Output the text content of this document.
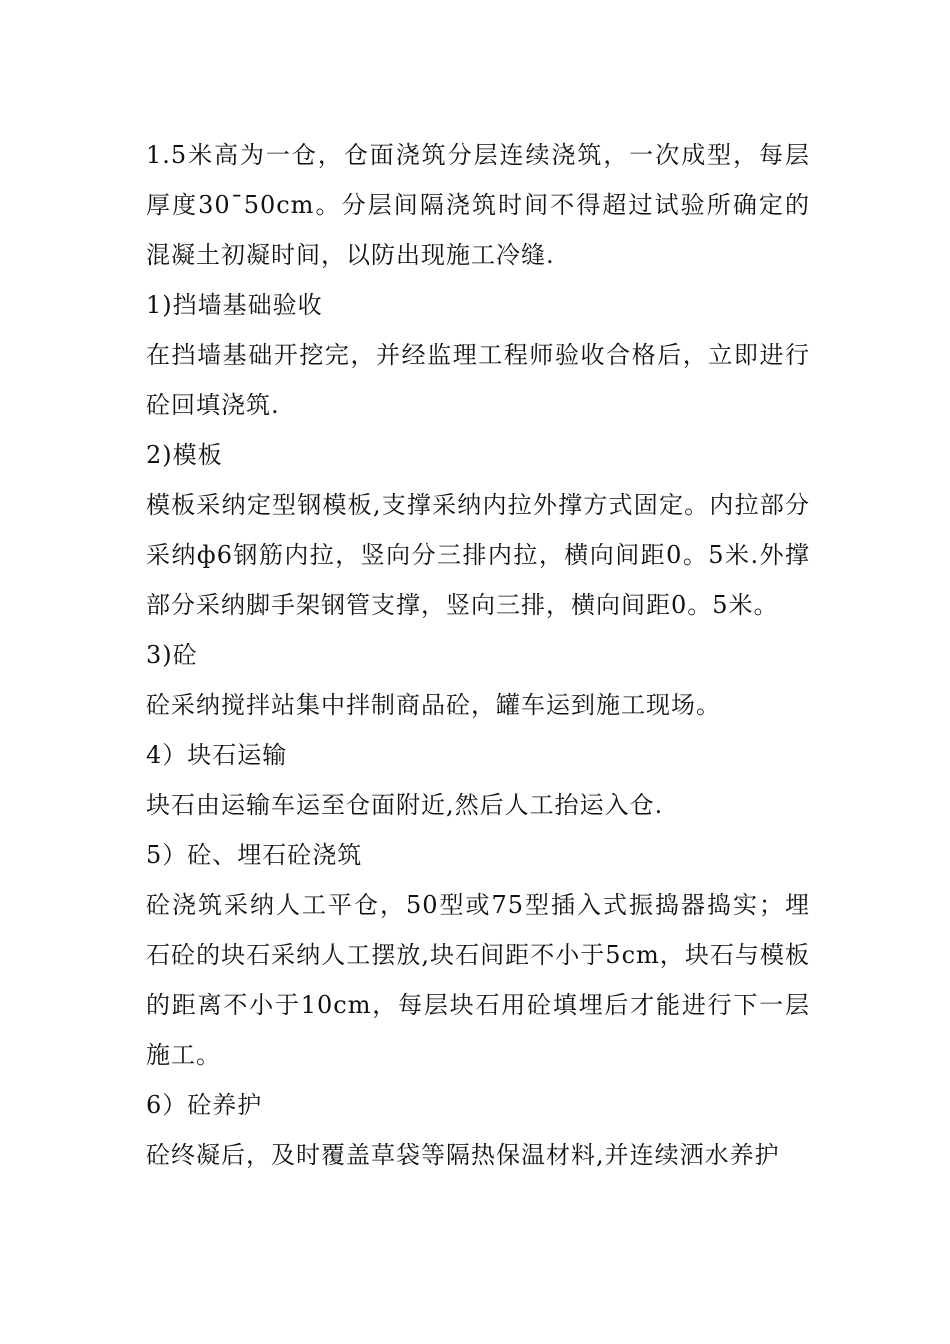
1.5米高为一仓，仓面浇筑分层连续浇筑，一次成型，每层厚度30¯50cm。分层间隔浇筑时间不得超过试验所确定的混凝土初凝时间，以防出现施工冷缝.

1)挡墙基础验收

在挡墙基础开挖完，并经监理工程师验收合格后，立即进行砼回填浇筑.

2)模板

模板采纳定型钢模板,支撑采纳内拉外撑方式固定。内拉部分采纳ф6钢筋内拉，竖向分三排内拉，横向间距0。5米.外撑部分采纳脚手架钢管支撑，竖向三排，横向间距0。5米。

3)砼

砼采纳搅拌站集中拌制商品砼，罐车运到施工现场。

4）块石运输

块石由运输车运至仓面附近,然后人工抬运入仓.

5）砼、埋石砼浇筑

砼浇筑采纳人工平仓，50型或75型插入式振捣器捣实；埋石砼的块石采纳人工摆放,块石间距不小于5cm，块石与模板的距离不小于10cm，每层块石用砼填埋后才能进行下一层施工。

6）砼养护

砼终凝后，及时覆盖草袋等隔热保温材料,并连续洒水养护
